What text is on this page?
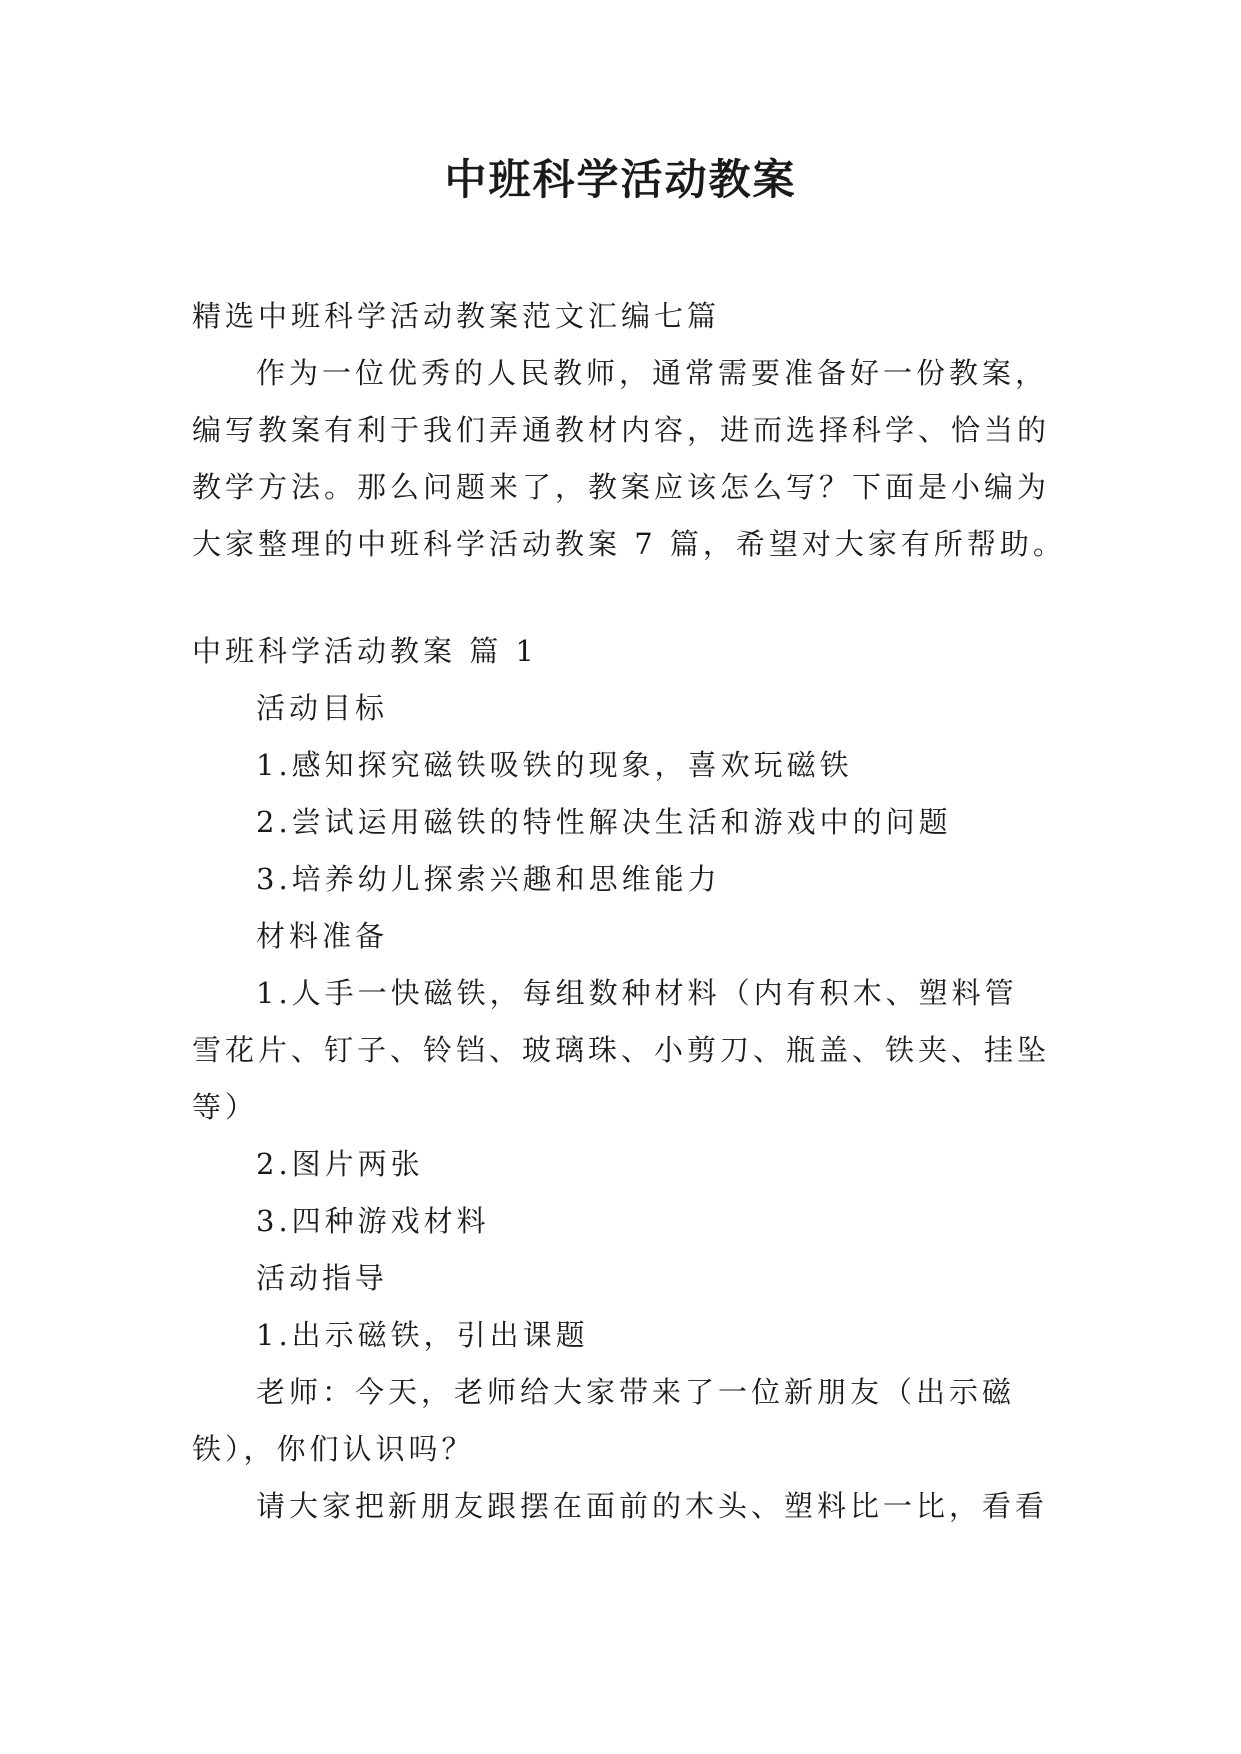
中班科学活动教案
精选中班科学活动教案范文汇编七篇
作为一位优秀的人民教师，通常需要准备好一份教案，
编写教案有利于我们弄通教材内容，进而选择科学、恰当的
教学方法。那么问题来了，教案应该怎么写？下面是小编为
大家整理的中班科学活动教案 7 篇，希望对大家有所帮助。
中班科学活动教案 篇 1
活动目标
1.感知探究磁铁吸铁的现象，喜欢玩磁铁
2.尝试运用磁铁的特性解决生活和游戏中的问题
3.培养幼儿探索兴趣和思维能力
材料准备
1.人手一快磁铁，每组数种材料（内有积木、塑料管
雪花片、钉子、铃铛、玻璃珠、小剪刀、瓶盖、铁夹、挂坠
等）
2.图片两张
3.四种游戏材料
活动指导
1.出示磁铁，引出课题
老师：今天，老师给大家带来了一位新朋友（出示磁
铁），你们认识吗？
请大家把新朋友跟摆在面前的木头、塑料比一比，看看
